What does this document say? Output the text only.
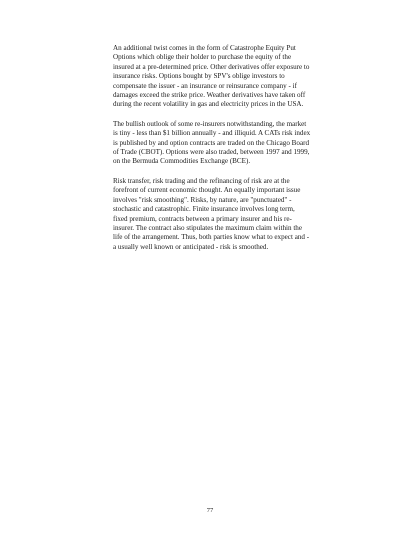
An additional twist comes in the form of Catastrophe Equity Put Options which oblige their holder to purchase the equity of the insured at a pre-determined price. Other derivatives offer exposure to insurance risks. Options bought by SPV's oblige investors to compensate the issuer - an insurance or reinsurance company - if damages exceed the strike price. Weather derivatives have taken off during the recent volatility in gas and electricity prices in the USA.

The bullish outlook of some re-insurers notwithstanding, the market is tiny - less than $1 billion annually - and illiquid. A CATs risk index is published by and option contracts are traded on the Chicago Board of Trade (CBOT). Options were also traded, between 1997 and 1999, on the Bermuda Commodities Exchange (BCE).

Risk transfer, risk trading and the refinancing of risk are at the forefront of current economic thought. An equally important issue involves "risk smoothing". Risks, by nature, are "punctuated" - stochastic and catastrophic. Finite insurance involves long term, fixed premium, contracts between a primary insurer and his re-insurer. The contract also stipulates the maximum claim within the life of the arrangement. Thus, both parties know what to expect and - a usually well known or anticipated - risk is smoothed.

77
